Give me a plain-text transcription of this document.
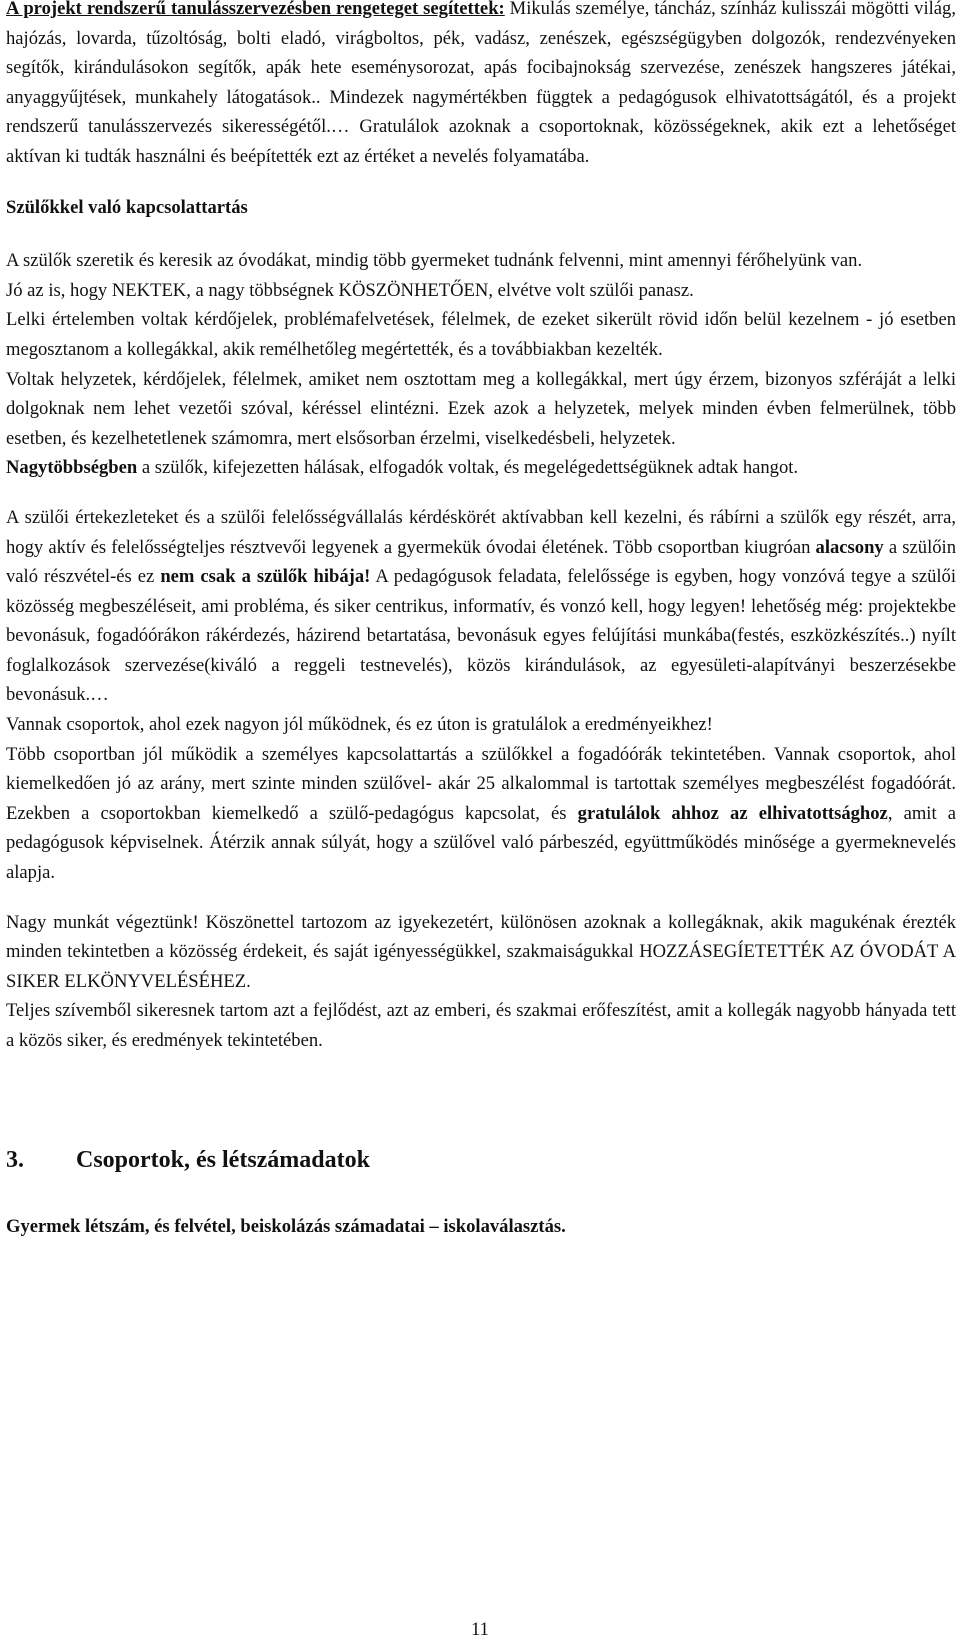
A projekt rendszerű tanulásszervezésben rengeteget segítettek: Mikulás személye, táncház, színház kulisszái mögötti világ, hajózás, lovarda, tűzoltóság, bolti eladó, virágboltos, pék, vadász, zenészek, egészségügyben dolgozók, rendezvényeken segítők, kirándulásokon segítők, apák hete eseménysorozat, apás focibajnokság szervezése, zenészek hangszeres játékai, anyaggyűjtések, munkahely látogatások.. Mindezek nagymértékben függtek a pedagógusok elhivatottságától, és a projekt rendszerű tanulásszervezés sikerességétől.… Gratulálok azoknak a csoportoknak, közösségeknek, akik ezt a lehetőséget aktívan ki tudták használni és beépítették ezt az értéket a nevelés folyamatába.

Szülőkkel való kapcsolattartás

A szülők szeretik és keresik az óvodákat, mindig több gyermeket tudnánk felvenni, mint amennyi férőhelyünk van.

Jó az is, hogy NEKTEK, a nagy többségnek KÖSZÖNHETŐEN, elvétve volt szülői panasz.

Lelki értelemben voltak kérdőjelek, problémafelvetések, félelmek, de ezeket sikerült rövid időn belül kezelnem - jó esetben megosztanom a kollegákkal, akik remélhetőleg megértették, és a továbbiakban kezelték.

Voltak helyzetek, kérdőjelek, félelmek, amiket nem osztottam meg a kollegákkal, mert úgy érzem, bizonyos szféráját a lelki dolgoknak nem lehet vezetői szóval, kéréssel elintézni. Ezek azok a helyzetek, melyek minden évben felmerülnek, több esetben, és kezelhetetlenek számomra, mert elsősorban érzelmi, viselkedésbeli, helyzetek.

Nagytöbbségben a szülők, kifejezetten hálásak, elfogadók voltak, és megelégedettségüknek adtak hangot.

A szülői értekezleteket és a szülői felelősségvállalás kérdéskörét aktívabban kell kezelni, és rábírni a szülők egy részét, arra, hogy aktív és felelősségteljes résztvevői legyenek a gyermekük óvodai életének. Több csoportban kiugróan alacsony a szülőin való részvétel-és ez nem csak a szülők hibája! A pedagógusok feladata, felelőssége is egyben, hogy vonzóvá tegye a szülői közösség megbeszéléseit, ami probléma, és siker centrikus, informatív, és vonzó kell, hogy legyen! lehetőség még: projektekbe bevonásuk, fogadóórákon rákérdezés, házirend betartatása, bevonásuk egyes felújítási munkába(festés, eszközkészítés..) nyílt foglalkozások szervezése(kiváló a reggeli testnevelés), közös kirándulások, az egyesületi-alapítványi beszerzésekbe bevonásuk.…

Vannak csoportok, ahol ezek nagyon jól működnek, és ez úton is gratulálok a eredményeikhez!

Több csoportban jól működik a személyes kapcsolattartás a szülőkkel a fogadóórák tekintetében. Vannak csoportok, ahol kiemelkedően jó az arány, mert szinte minden szülővel- akár 25 alkalommal is tartottak személyes megbeszélést fogadóórát. Ezekben a csoportokban kiemelkedő a szülő-pedagógus kapcsolat, és gratulálok ahhoz az elhivatottsághoz, amit a pedagógusok képviselnek. Átérzik annak súlyát, hogy a szülővel való párbeszéd, együttműködés minősége a gyermeknevelés alapja.

Nagy munkát végeztünk! Köszönettel tartozom az igyekezetért, különösen azoknak a kollegáknak, akik magukénak érezték minden tekintetben a közösség érdekeit, és saját igényességükkel, szakmaiságukkal HOZZÁSEGÍETETTÉK AZ ÓVODÁT A SIKER ELKÖNYVELÉSÉHEZ.

Teljes szívemből sikeresnek tartom azt a fejlődést, azt az emberi, és szakmai erőfeszítést, amit a kollegák nagyobb hányada tett a közös siker, és eredmények tekintetében.

3. Csoportok, és létszámadatok

Gyermek létszám, és felvétel, beiskolázás számadatai – iskolaválasztás.

11
